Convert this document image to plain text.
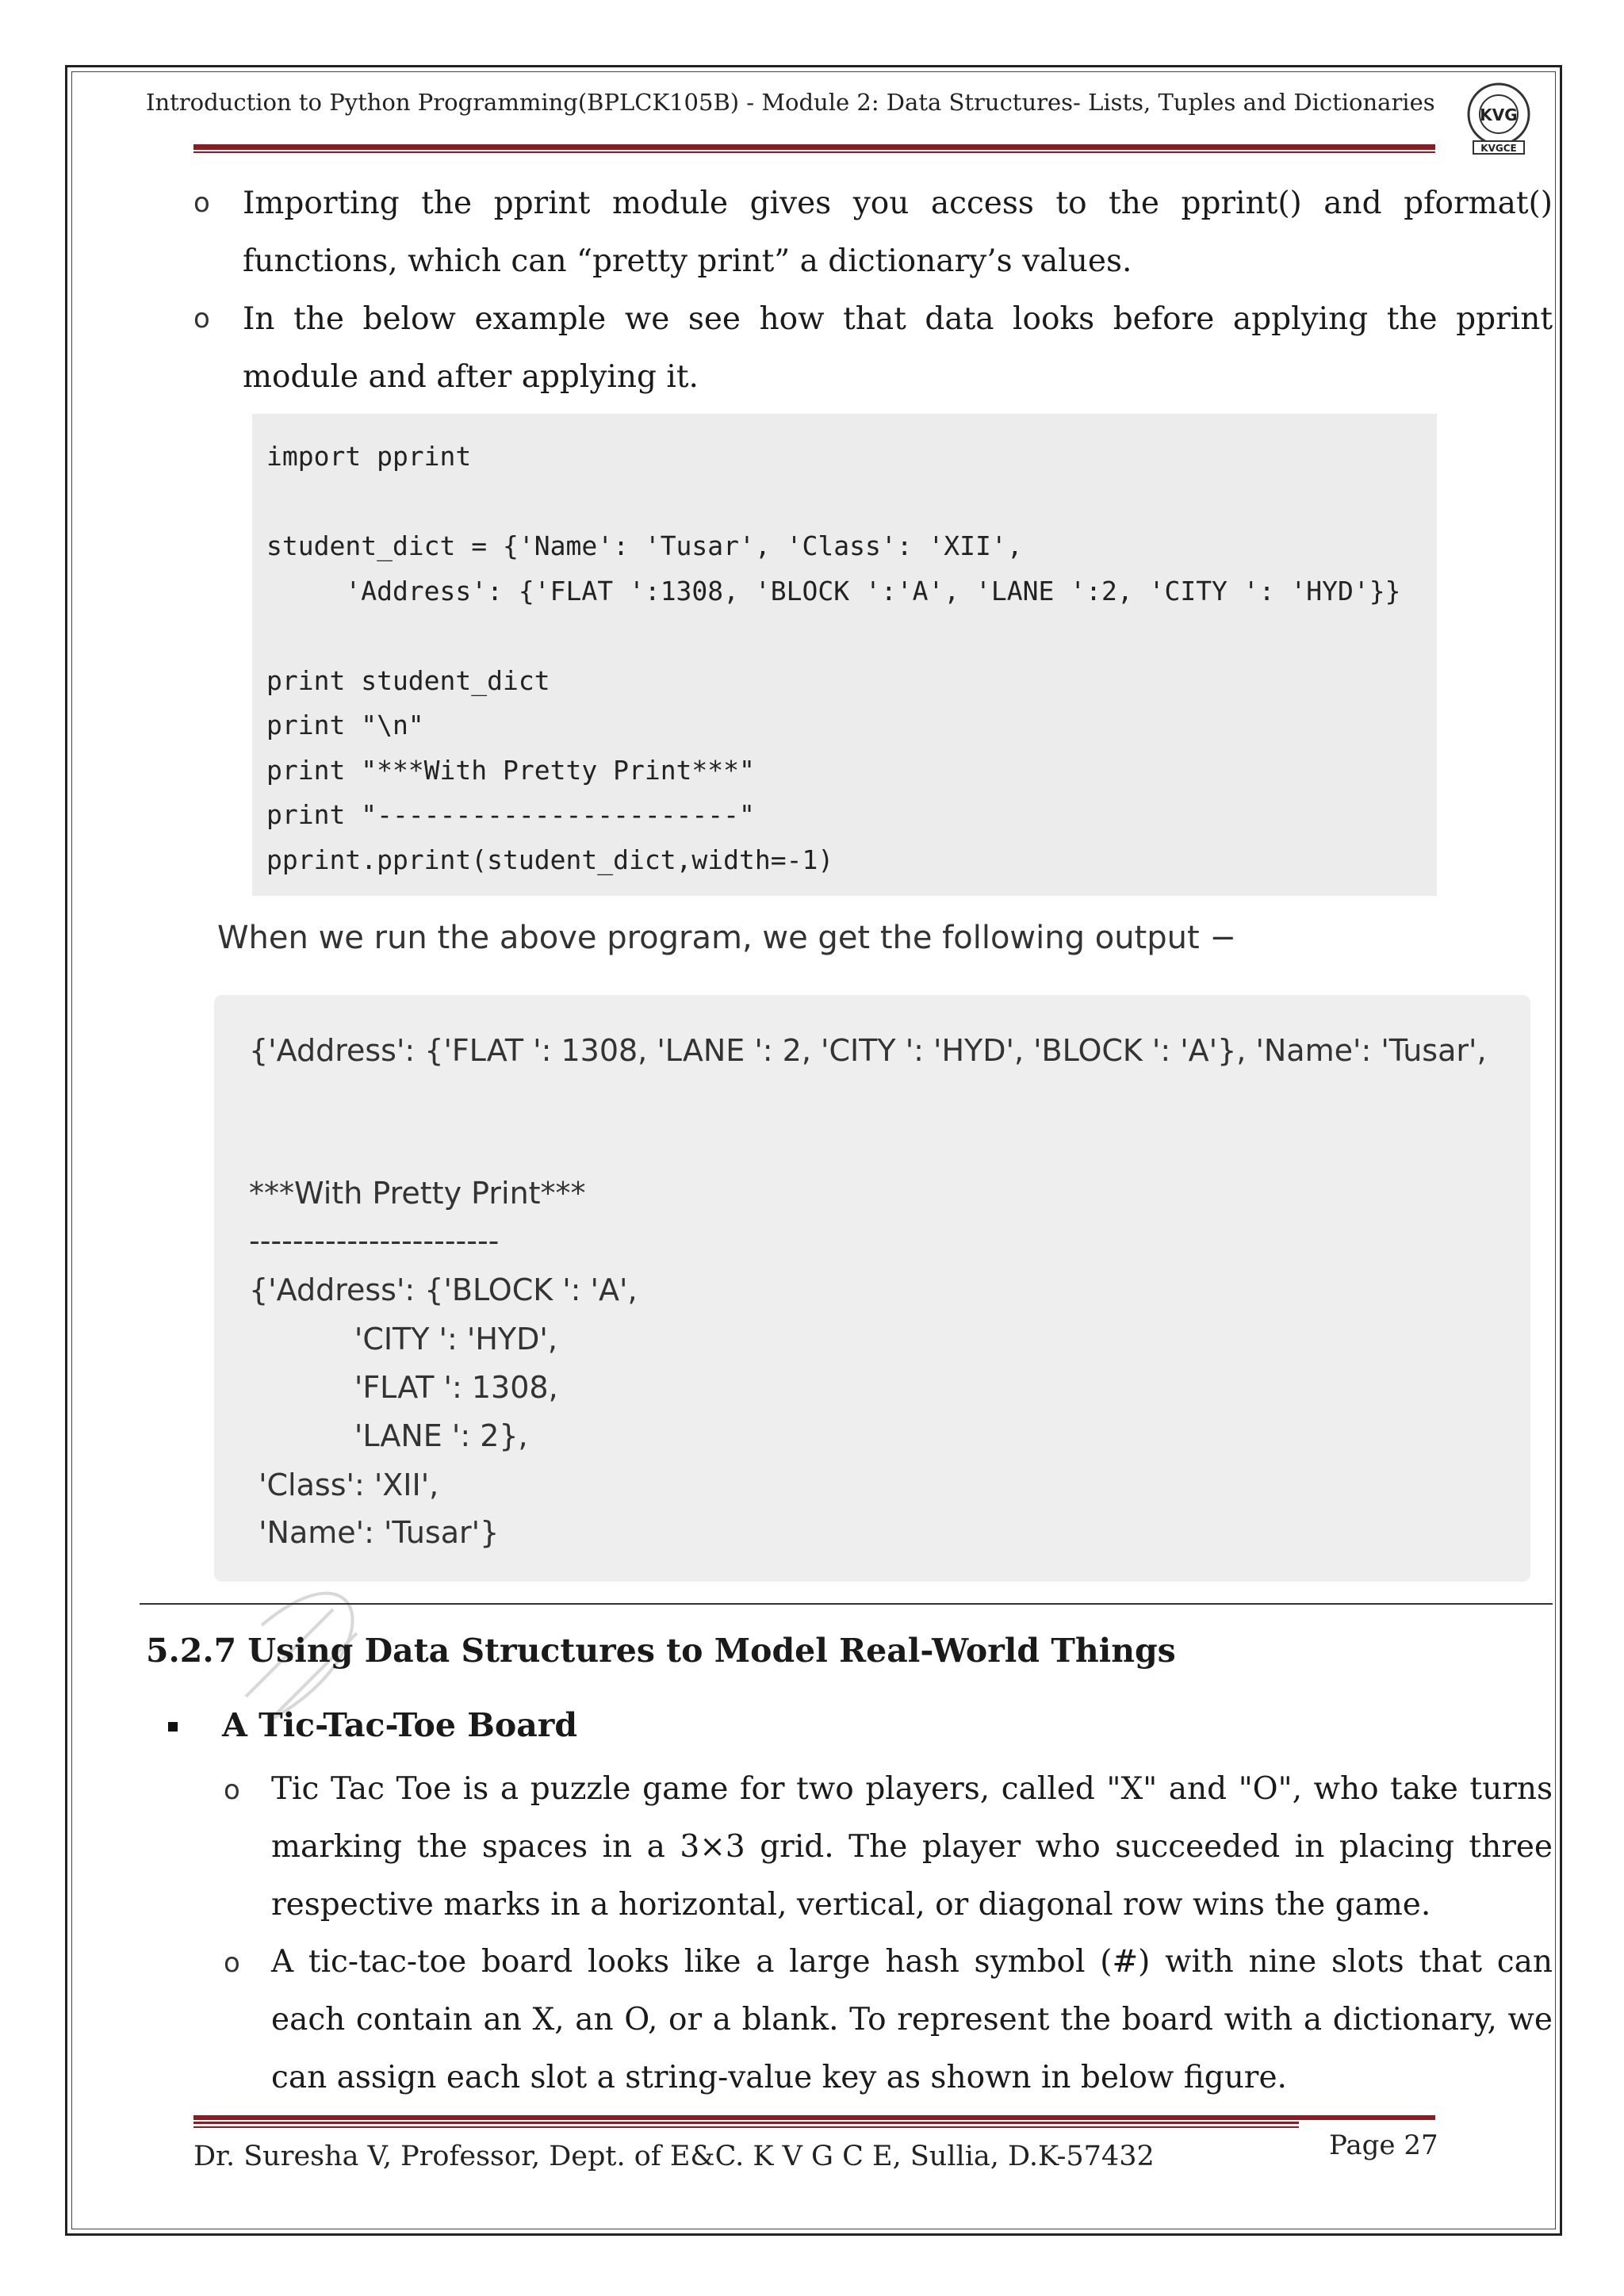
Introduction to Python Programming(BPLCK105B) - Module 2: Data Structures- Lists, Tuples and Dictionaries	KVG
KVGCE
o Importing the pprint module gives you access to the pprint() and pformat() functions, which can “pretty print” a dictionary’s values.

o In the below example we see how that data looks before applying the pprint module and after applying it.

import pprint

student_dict = {'Name': 'Tusar', 'Class': 'XII',
'Address': {'FLAT ':1308, 'BLOCK ':'A', 'LANE ':2, 'CITY ': 'HYD'}}

print student_dict
print "\n"
print "***With Pretty Print***"
print "-----------------------"
pprint.pprint(student_dict,width=-1)
When we run the above program, we get the following output −
{'Address': {'FLAT ': 1308, 'LANE ': 2, 'CITY ': 'HYD', 'BLOCK ': 'A'}, 'Name': 'Tusar',
***With Pretty Print***
-----------------------
{'Address': {'BLOCK ': 'A',
'CITY ': 'HYD',
'FLAT ': 1308,
'LANE ': 2},
'Class': 'XII',
'Name': 'Tusar'}
5.2.7 Using Data Structures to Model Real-World Things
A Tic-Tac-Toe Board
o Tic Tac Toe is a puzzle game for two players, called "X" and "O", who take turns marking the spaces in a 3×3 grid. The player who succeeded in placing three respective marks in a horizontal, vertical, or diagonal row wins the game.

o A tic-tac-toe board looks like a large hash symbol (#) with nine slots that can each contain an X, an O, or a blank. To represent the board with a dictionary, we can assign each slot a string-value key as shown in below figure.

Dr. Suresha V, Professor, Dept. of E&C. K V G C E, Sullia, D.K-57432	Page 27
